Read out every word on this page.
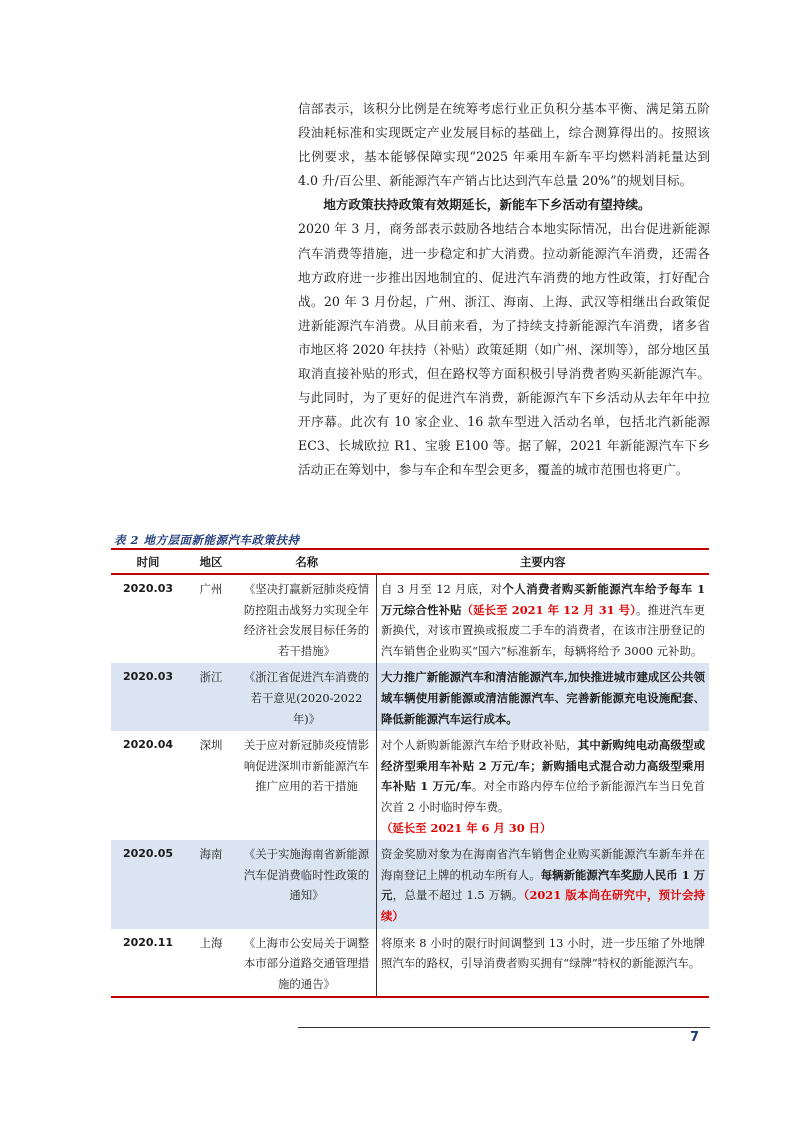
信部表示，该积分比例是在统筹考虑行业正负积分基本平衡、满足第五阶段油耗标准和实现既定产业发展目标的基础上，综合测算得出的。按照该比例要求，基本能够保障实现“2025 年乘用车新车平均燃料消耗量达到 4.0 升/百公里、新能源汽车产销占比达到汽车总量 20%”的规划目标。

地方政策扶持政策有效期延长，新能车下乡活动有望持续。

2020 年 3 月，商务部表示鼓励各地结合本地实际情况，出台促进新能源汽车消费等措施，进一步稳定和扩大消费。拉动新能源汽车消费，还需各地方政府进一步推出因地制宜的、促进汽车消费的地方性政策，打好配合战。20 年 3 月份起，广州、浙江、海南、上海、武汉等相继出台政策促进新能源汽车消费。从目前来看，为了持续支持新能源汽车消费，诸多省市地区将 2020 年扶持（补贴）政策延期（如广州、深圳等），部分地区虽取消直接补贴的形式，但在路权等方面积极引导消费者购买新能源汽车。与此同时，为了更好的促进汽车消费，新能源汽车下乡活动从去年年中拉开序幕。此次有 10 家企业、16 款车型进入活动名单，包括北汽新能源 EC3、长城欧拉 R1、宝骏 E100 等。据了解，2021 年新能源汽车下乡活动正在筹划中，参与车企和车型会更多，覆盖的城市范围也将更广。

表 2 地方层面新能源汽车政策扶持
时间	地区	名称	主要内容
2020.03	广州	《坚决打赢新冠肺炎疫情防控阻击战努力实现全年经济社会发展目标任务的若干措施》	自 3 月至 12 月底，对个人消费者购买新能源汽车给予每车 1 万元综合性补贴（延长至 2021 年 12 月 31 号）。推进汽车更新换代，对该市置换或报废二手车的消费者，在该市注册登记的汽车销售企业购买“国六”标准新车，每辆将给予 3000 元补助。
2020.03	浙江	《浙江省促进汽车消费的若干意见(2020-2022 年)》	大力推广新能源汽车和清洁能源汽车,加快推进城市建成区公共领域车辆使用新能源或清洁能源汽车、完善新能源充电设施配套、降低新能源汽车运行成本。
2020.04	深圳	关于应对新冠肺炎疫情影响促进深圳市新能源汽车推广应用的若干措施	对个人新购新能源汽车给予财政补贴，其中新购纯电动高级型或经济型乘用车补贴 2 万元/车；新购插电式混合动力高级型乘用车补贴 1 万元/车。对全市路内停车位给予新能源汽车当日免首次首 2 小时临时停车费。
（延长至 2021 年 6 月 30 日）
2020.05	海南	《关于实施海南省新能源汽车促消费临时性政策的通知》	资金奖励对象为在海南省汽车销售企业购买新能源汽车新车并在海南登记上牌的机动车所有人。每辆新能源汽车奖励人民币 1 万元，总量不超过 1.5 万辆。（2021 版本尚在研究中，预计会持续）
2020.11	上海	《上海市公安局关于调整本市部分道路交通管理措施的通告》	将原来 8 小时的限行时间调整到 13 小时，进一步压缩了外地牌照汽车的路权，引导消费者购买拥有“绿牌”特权的新能源汽车。
7
